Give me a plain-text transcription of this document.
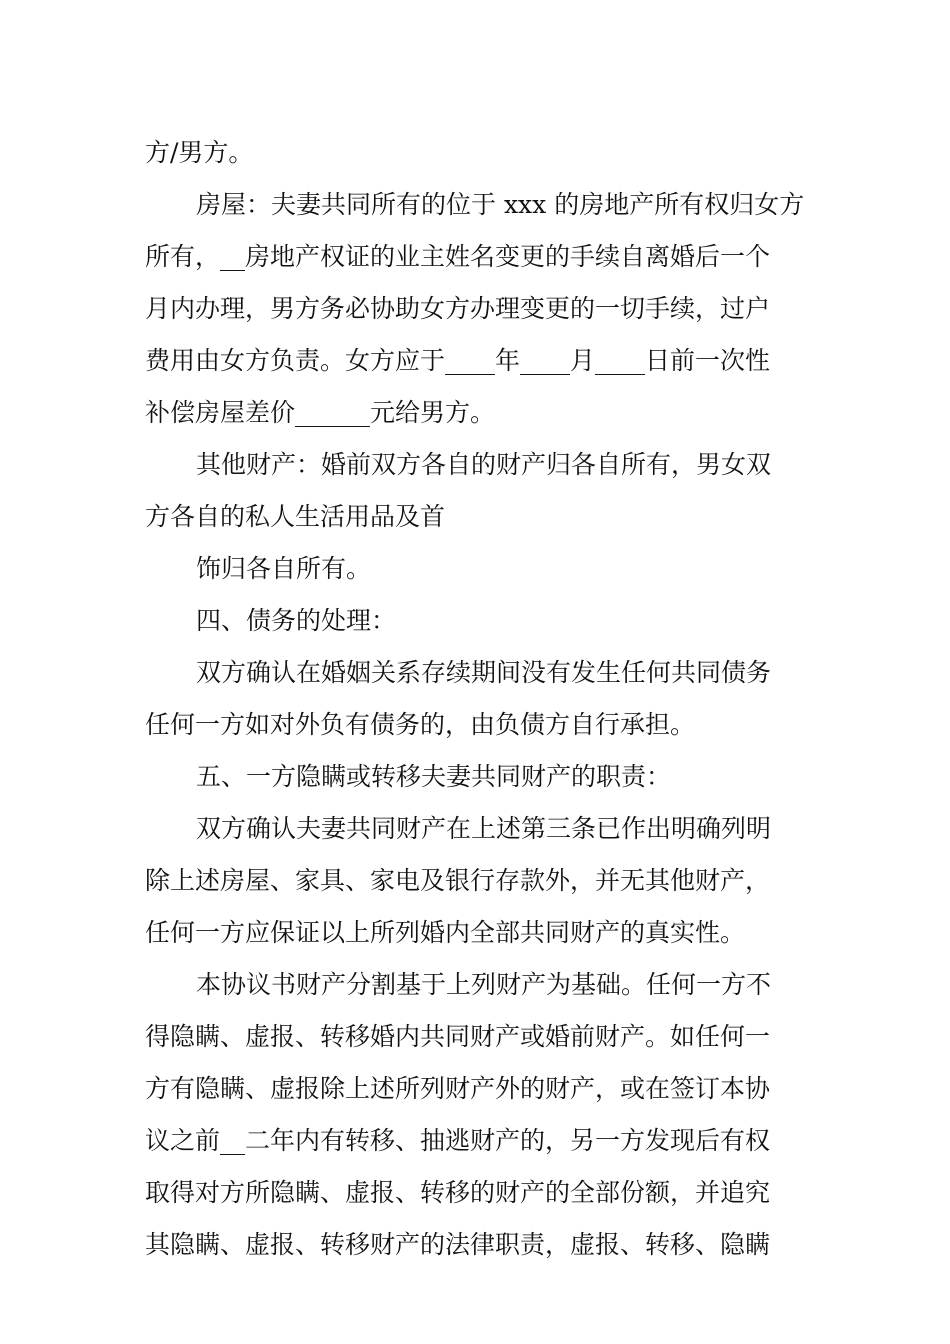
方/男方。
房屋：夫妻共同所有的位于 xxx 的房地产所有权归女方
所有，__房地产权证的业主姓名变更的手续自离婚后一个
月内办理，男方务必协助女方办理变更的一切手续，过户
费用由女方负责。女方应于____年____月____日前一次性
补偿房屋差价______元给男方。
其他财产：婚前双方各自的财产归各自所有，男女双
方各自的私人生活用品及首
饰归各自所有。
四、债务的处理：
双方确认在婚姻关系存续期间没有发生任何共同债务
任何一方如对外负有债务的，由负债方自行承担。
五、一方隐瞒或转移夫妻共同财产的职责：
双方确认夫妻共同财产在上述第三条已作出明确列明
除上述房屋、家具、家电及银行存款外，并无其他财产，
任何一方应保证以上所列婚内全部共同财产的真实性。
本协议书财产分割基于上列财产为基础。任何一方不
得隐瞒、虚报、转移婚内共同财产或婚前财产。如任何一
方有隐瞒、虚报除上述所列财产外的财产，或在签订本协
议之前__二年内有转移、抽逃财产的，另一方发现后有权
取得对方所隐瞒、虚报、转移的财产的全部份额，并追究
其隐瞒、虚报、转移财产的法律职责，虚报、转移、隐瞒
